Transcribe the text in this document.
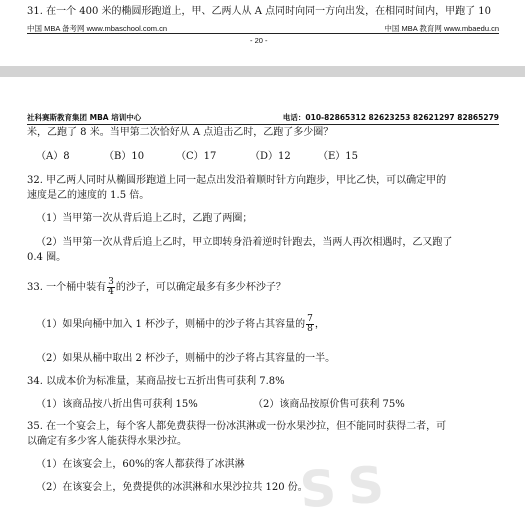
31. 在一个 400 米的椭圆形跑道上，甲、乙两人从 A 点同时向同一方向出发，在相同时间内，甲跑了 10
中国 MBA 备考网 www.mbaschool.com.cn	中国 MBA 教育网 www.mbaedu.cn
- 20 -
社科赛斯教育集团 MBA 培训中心	电话：010-82865312 82623253 82621297 82865279
SS
米，乙跑了 8 米。当甲第二次恰好从 A 点追击乙时，乙跑了多少圈？
（A）8	（B）10	（C）17	（D）12	（E）15
32. 甲乙两人同时从椭圆形跑道上同一起点出发沿着顺时针方向跑步，甲比乙快，可以确定甲的
速度是乙的速度的 1.5 倍。
（1）当甲第一次从背后追上乙时，乙跑了两圈；
（2）当甲第一次从背后追上乙时，甲立即转身沿着逆时针跑去，当两人再次相遇时，乙又跑了
0.4 圈。
33. 一个桶中装有 $\frac{3}{4}$ 的沙子，可以确定最多有多少杯沙子？
（1）如果向桶中加入 1 杯沙子，则桶中的沙子将占其容量的 $\frac{7}{8}$ ，
（2）如果从桶中取出 2 杯沙子，则桶中的沙子将占其容量的一半。
34. 以成本价为标准量，某商品按七五折出售可获利 7.8%
（1）该商品按八折出售可获利 15%	（2）该商品按原价售可获利 75%
35. 在一个宴会上，每个客人都免费获得一份冰淇淋或一份水果沙拉，但不能同时获得二者，可
以确定有多少客人能获得水果沙拉。
（1）在该宴会上，60%的客人都获得了冰淇淋
（2）在该宴会上，免费提供的冰淇淋和水果沙拉共 120 份。
